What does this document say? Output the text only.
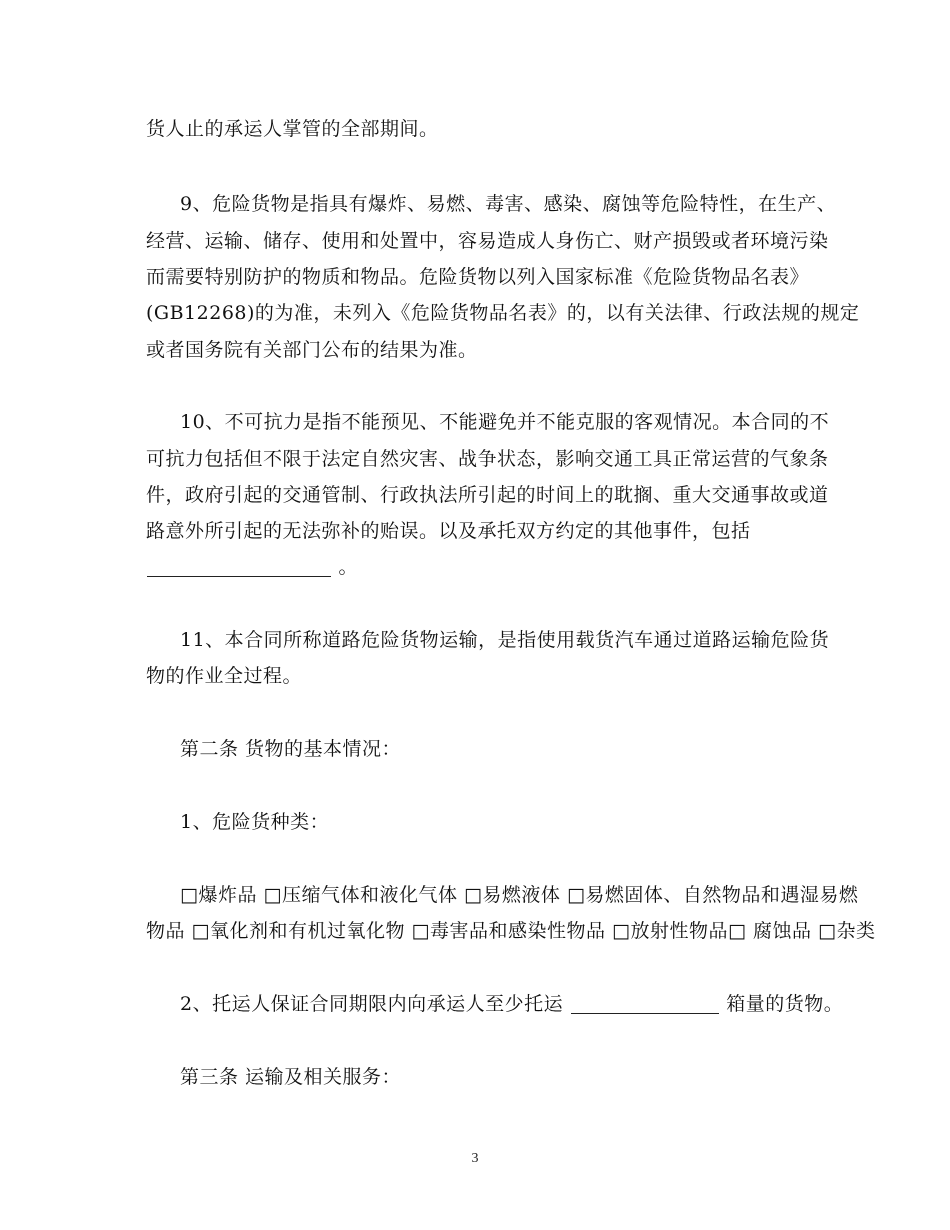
货人止的承运人掌管的全部期间。
9、危险货物是指具有爆炸、易燃、毒害、感染、腐蚀等危险特性，在生产、
经营、运输、储存、使用和处置中，容易造成人身伤亡、财产损毁或者环境污染
而需要特别防护的物质和物品。危险货物以列入国家标准《危险货物品名表》
(GB12268)的为准，未列入《危险货物品名表》的，以有关法律、行政法规的规定
或者国务院有关部门公布的结果为准。
10、不可抗力是指不能预见、不能避免并不能克服的客观情况。本合同的不
可抗力包括但不限于法定自然灾害、战争状态，影响交通工具正常运营的气象条
件，政府引起的交通管制、行政执法所引起的时间上的耽搁、重大交通事故或道
路意外所引起的无法弥补的贻误。以及承托双方约定的其他事件，包括
。
11、本合同所称道路危险货物运输，是指使用载货汽车通过道路运输危险货
物的作业全过程。
第二条 货物的基本情况：
1、危险货种类：
□爆炸品 □压缩气体和液化气体 □易燃液体 □易燃固体、自然物品和遇湿易燃
物品 □氧化剂和有机过氧化物 □毒害品和感染性物品 □放射性物品□ 腐蚀品 □杂类
2、托运人保证合同期限内向承运人至少托运	箱量的货物。
第三条 运输及相关服务：
3
